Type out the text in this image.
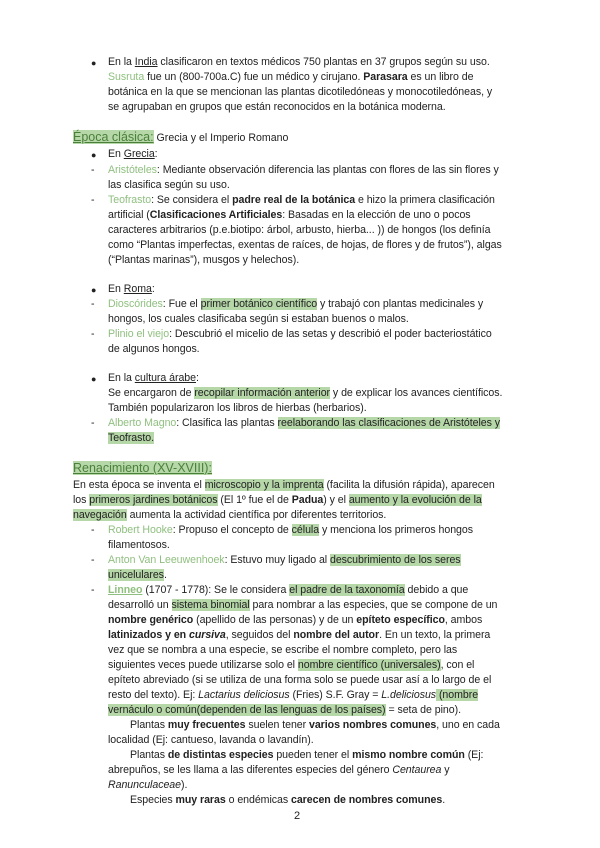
● En la India clasificaron en textos médicos 750 plantas en 37 grupos según su uso.
Susruta fue un (800-700a.C) fue un médico y cirujano. Parasara es un libro de
botánica en la que se mencionan las plantas dicotiledóneas y monocotiledóneas, y
se agrupaban en grupos que están reconocidos en la botánica moderna.
Época clásica: Grecia y el Imperio Romano
● En Grecia:
- Aristóteles: Mediante observación diferencia las plantas con flores de las sin flores y
las clasifica según su uso.
- Teofrasto: Se considera el padre real de la botánica e hizo la primera clasificación
artificial (Clasificaciones Artificiales: Basadas en la elección de uno o pocos
caracteres arbitrarios (p.e.biotipo: árbol, arbusto, hierba... )) de hongos (los definía
como “Plantas imperfectas, exentas de raíces, de hojas, de flores y de frutos”), algas
(“Plantas marinas”), musgos y helechos).
● En Roma:
- Dioscórides: Fue el primer botánico científico y trabajó con plantas medicinales y
hongos, los cuales clasificaba según si estaban buenos o malos.
- Plinio el viejo: Descubrió el micelio de las setas y describió el poder bacteriostático
de algunos hongos.
● En la cultura árabe:
Se encargaron de recopilar información anterior y de explicar los avances científicos.
También popularizaron los libros de hierbas (herbarios).
- Alberto Magno: Clasifica las plantas reelaborando las clasificaciones de Aristóteles y
Teofrasto.
Renacimiento (XV-XVIII):
En esta época se inventa el microscopio y la imprenta (facilita la difusión rápida), aparecen
los primeros jardines botánicos (El 1º fue el de Padua) y el aumento y la evolución de la
navegación aumenta la actividad científica por diferentes territorios.
- Robert Hooke: Propuso el concepto de célula y menciona los primeros hongos
filamentosos.
- Anton Van Leeuwenhoek: Estuvo muy ligado al descubrimiento de los seres
unicelulares.
- Linneo (1707 - 1778): Se le considera el padre de la taxonomía debido a que
desarrolló un sistema binomial para nombrar a las especies, que se compone de un
nombre genérico (apellido de las personas) y de un epíteto específico, ambos
latinizados y en cursiva, seguidos del nombre del autor. En un texto, la primera
vez que se nombra a una especie, se escribe el nombre completo, pero las
siguientes veces puede utilizarse solo el nombre científico (universales), con el
epíteto abreviado (si se utiliza de una forma solo se puede usar así a lo largo de el
resto del texto). Ej: Lactarius deliciosus (Fries) S.F. Gray = L.deliciosus (nombre
vernáculo o común(dependen de las lenguas de los países) = seta de pino).
Plantas muy frecuentes suelen tener varios nombres comunes, uno en cada
localidad (Ej: cantueso, lavanda o lavandín).
Plantas de distintas especies pueden tener el mismo nombre común (Ej:
abrepuños, se les llama a las diferentes especies del género Centaurea y
Ranunculaceae).
Especies muy raras o endémicas carecen de nombres comunes.
2
